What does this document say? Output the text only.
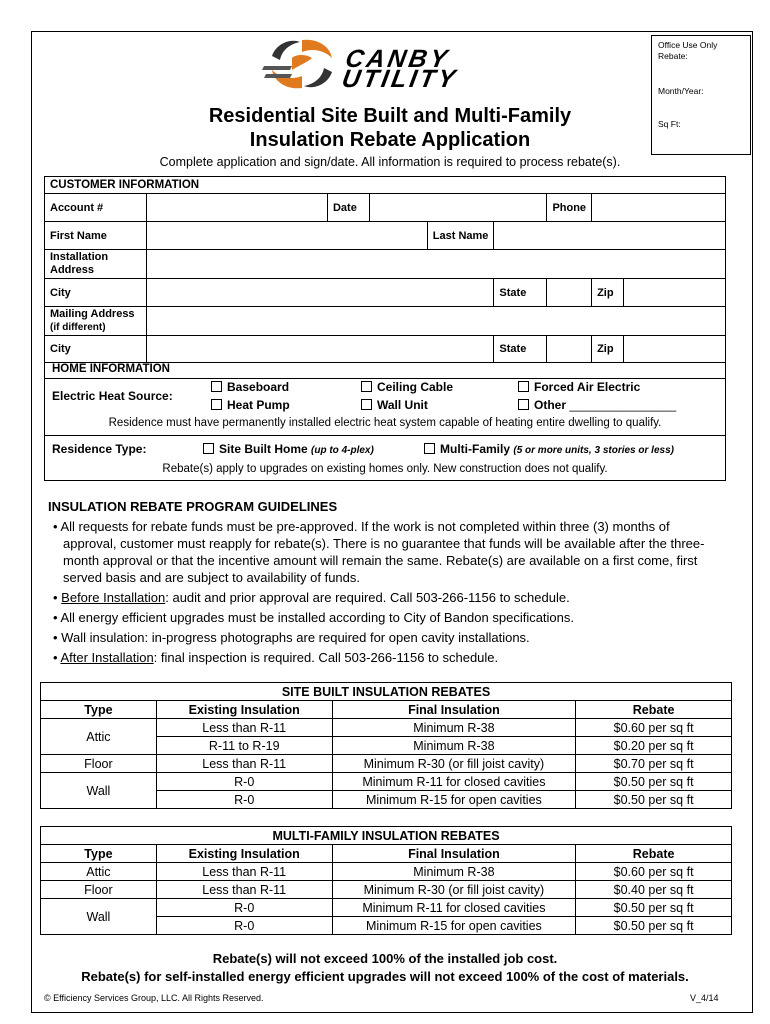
CANBY
UTILITY
Office Use Only
Rebate:
Month/Year:
Sq Ft:
Residential Site Built and Multi-Family
Insulation Rebate Application
Complete application and sign/date. All information is required to process rebate(s).
CUSTOMER INFORMATION								
Account #		Date				Phone		
First Name				Last Name				

Installation
Address								

City					State		Zip	

Mailing Address
(if different)								

City					State		Zip	
HOME INFORMATION
Electric Heat Source:
Baseboard
Heat Pump
Ceiling Cable
Wall Unit
Forced Air Electric
Other ________________
Residence must have permanently installed electric heat system capable of heating entire dwelling to qualify.
Residence Type:	Site Built Home (up to 4-plex)	Multi-Family (5 or more units, 3 stories or less)
Rebate(s) apply to upgrades on existing homes only. New construction does not qualify.
INSULATION REBATE PROGRAM GUIDELINES
• All requests for rebate funds must be pre-approved. If the work is not completed within three (3) months of approval, customer must reapply for rebate(s). There is no guarantee that funds will be available after the three-month approval or that the incentive amount will remain the same. Rebate(s) are available on a first come, first served basis and are subject to availability of funds.
• Before Installation: audit and prior approval are required. Call 503-266-1156 to schedule.
• All energy efficient upgrades must be installed according to City of Bandon specifications.
• Wall insulation: in-progress photographs are required for open cavity installations.
• After Installation: final inspection is required. Call 503-266-1156 to schedule.
SITE BUILT INSULATION REBATES			
Type	Existing Insulation	Final Insulation	Rebate
Attic	Less than R-11	Minimum R-38	$0.60 per sq ft
	R-11 to R-19	Minimum R-38	$0.20 per sq ft
Floor	Less than R-11	Minimum R-30 (or fill joist cavity)	$0.70 per sq ft
Wall	R-0	Minimum R-11 for closed cavities	$0.50 per sq ft
	R-0	Minimum R-15 for open cavities	$0.50 per sq ft
MULTI-FAMILY INSULATION REBATES			
Type	Existing Insulation	Final Insulation	Rebate
Attic	Less than R-11	Minimum R-38	$0.60 per sq ft
Floor	Less than R-11	Minimum R-30 (or fill joist cavity)	$0.40 per sq ft
Wall	R-0	Minimum R-11 for closed cavities	$0.50 per sq ft
	R-0	Minimum R-15 for open cavities	$0.50 per sq ft
Rebate(s) will not exceed 100% of the installed job cost.
Rebate(s) for self-installed energy efficient upgrades will not exceed 100% of the cost of materials.
© Efficiency Services Group, LLC. All Rights Reserved.	V_4/14
